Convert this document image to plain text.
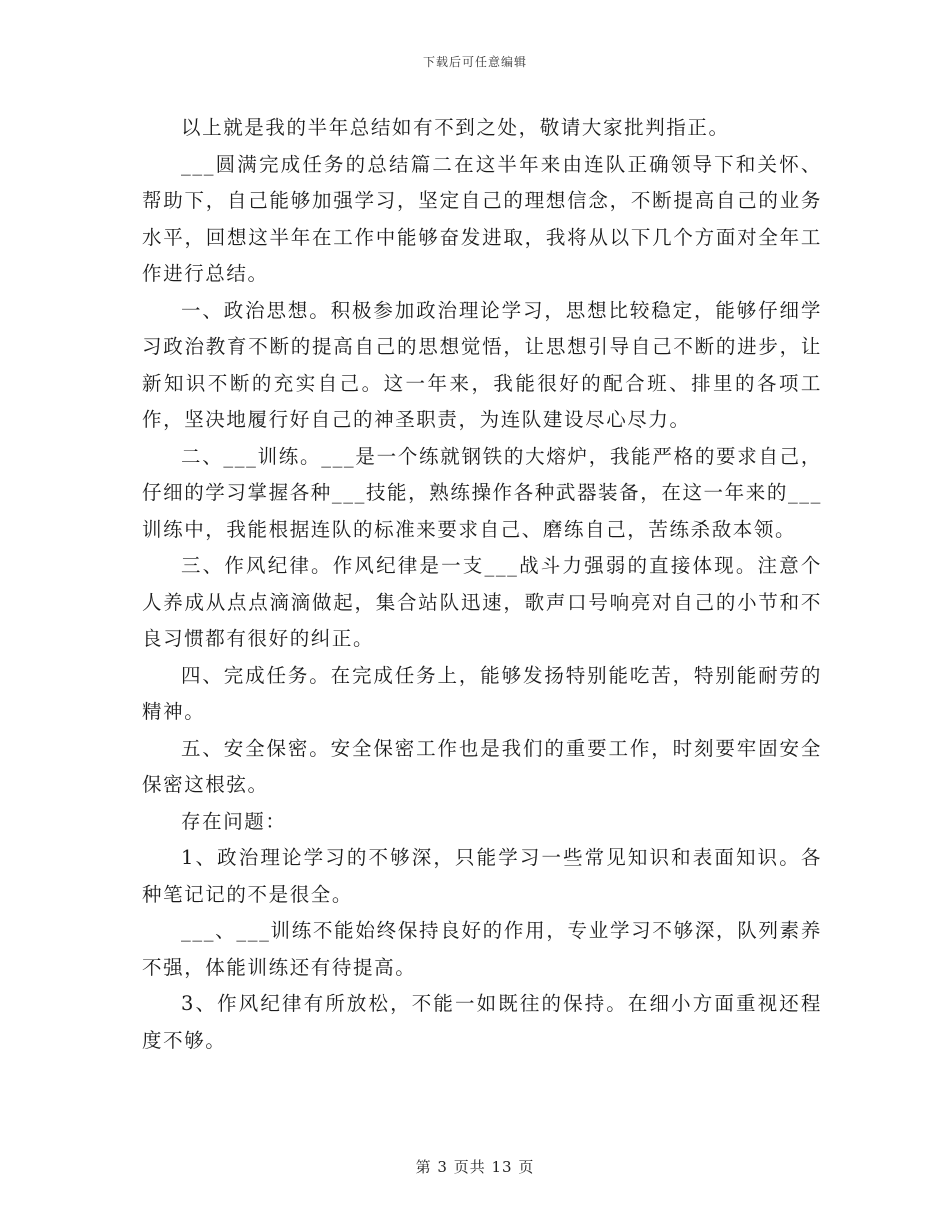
下载后可任意编辑

以上就是我的半年总结如有不到之处，敬请大家批判指正。

___圆满完成任务的总结篇二在这半年来由连队正确领导下和关怀、帮助下，自己能够加强学习，坚定自己的理想信念，不断提高自己的业务水平，回想这半年在工作中能够奋发进取，我将从以下几个方面对全年工作进行总结。

一、政治思想。积极参加政治理论学习，思想比较稳定，能够仔细学习政治教育不断的提高自己的思想觉悟，让思想引导自己不断的进步，让新知识不断的充实自己。这一年来，我能很好的配合班、排里的各项工作，坚决地履行好自己的神圣职责，为连队建设尽心尽力。

二、___训练。___是一个练就钢铁的大熔炉，我能严格的要求自己，仔细的学习掌握各种___技能，熟练操作各种武器装备，在这一年来的___训练中，我能根据连队的标准来要求自己、磨练自己，苦练杀敌本领。

三、作风纪律。作风纪律是一支___战斗力强弱的直接体现。注意个人养成从点点滴滴做起，集合站队迅速，歌声口号响亮对自己的小节和不良习惯都有很好的纠正。

四、完成任务。在完成任务上，能够发扬特别能吃苦，特别能耐劳的精神。

五、安全保密。安全保密工作也是我们的重要工作，时刻要牢固安全保密这根弦。

存在问题：

1、政治理论学习的不够深，只能学习一些常见知识和表面知识。各种笔记记的不是很全。

___、___训练不能始终保持良好的作用，专业学习不够深，队列素养不强，体能训练还有待提高。

3、作风纪律有所放松，不能一如既往的保持。在细小方面重视还程度不够。

第 3 页共 13 页
